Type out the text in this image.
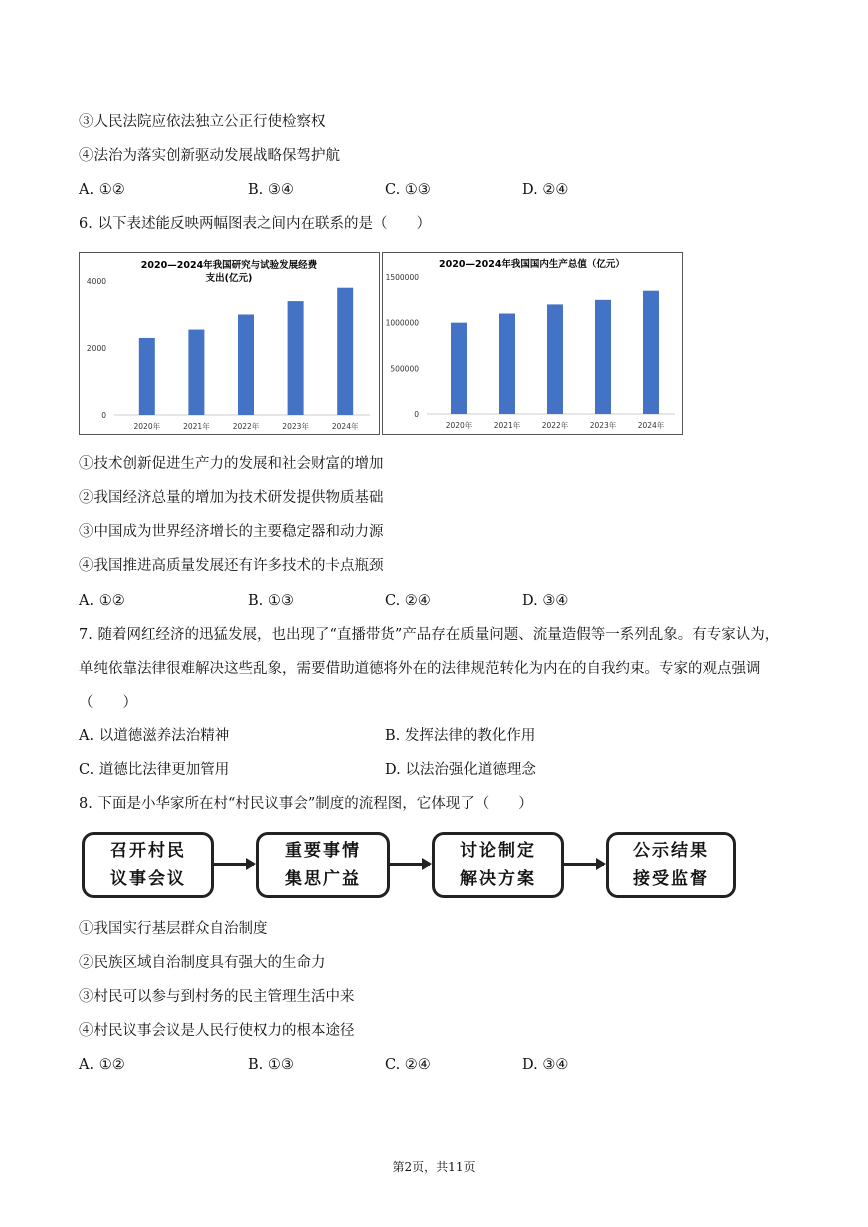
③人民法院应依法独立公正行使检察权
④法治为落实创新驱动发展战略保驾护航
A. ①②	B. ③④	C. ①③	D. ②④
6. 以下表述能反映两幅图表之间内在联系的是（　　）
2020—2024年我国研究与试验发展经费
支出(亿元)
0
2000
4000
2020年	2021年	2022年	2023年	2024年
2020—2024年我国国内生产总值（亿元）
0
500000
1000000
1500000
2020年	2021年	2022年	2023年	2024年
①技术创新促进生产力的发展和社会财富的增加
②我国经济总量的增加为技术研发提供物质基础
③中国成为世界经济增长的主要稳定器和动力源
④我国推进高质量发展还有许多技术的卡点瓶颈
A. ①②	B. ①③	C. ②④	D. ③④
7. 随着网红经济的迅猛发展，也出现了“直播带货”产品存在质量问题、流量造假等一系列乱象。有专家认为，单纯依靠法律很难解决这些乱象，需要借助道德将外在的法律规范转化为内在的自我约束。专家的观点强调（　　）
A. 以道德滋养法治精神	B. 发挥法律的教化作用
C. 道德比法律更加管用	D. 以法治强化道德理念
8. 下面是小华家所在村“村民议事会”制度的流程图，它体现了（　　）
召开村民
议事会议
重要事情
集思广益
讨论制定
解决方案
公示结果
接受监督
①我国实行基层群众自治制度
②民族区域自治制度具有强大的生命力
③村民可以参与到村务的民主管理生活中来
④村民议事会议是人民行使权力的根本途径
A. ①②	B. ①③	C. ②④	D. ③④
第2页，共11页
